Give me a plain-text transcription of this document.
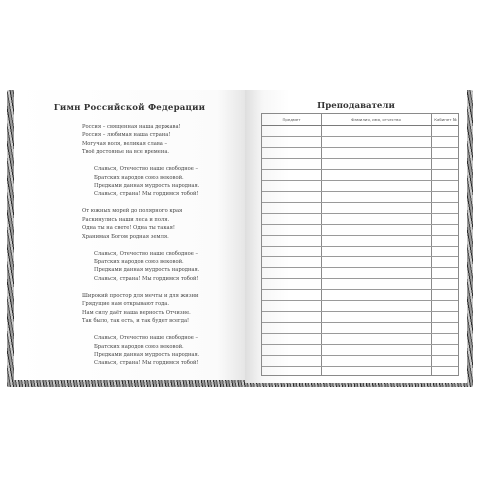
Гимн Российской Федерации
Россия – священная наша держава!
Россия – любимая наша страна!
Могучая воля, великая слава –
Твоё достоянье на все времена.
Славься, Отечество наше свободное –
Братских народов союз вековой.
Предками данная мудрость народная.
Славься, страна! Мы гордимся тобой!
От южных морей до полярного края
Раскинулись наши леса и поля.
Одна ты на свете! Одна ты такая!
Хранимая Богом родная земля.
Славься, Отечество наше свободное –
Братских народов союз вековой.
Предками данная мудрость народная.
Славься, страна! Мы гордимся тобой!
Широкий простор для мечты и для жизни
Грядущие нам открывают года.
Нам силу даёт наша верность Отчизне.
Так было, так есть, и так будет всегда!
Славься, Отечество наше свободное –
Братских народов союз вековой.
Предками данная мудрость народная.
Славься, страна! Мы гордимся тобой!
Преподаватели
Предмет	Фамилия, имя, отчество	Кабинет №
